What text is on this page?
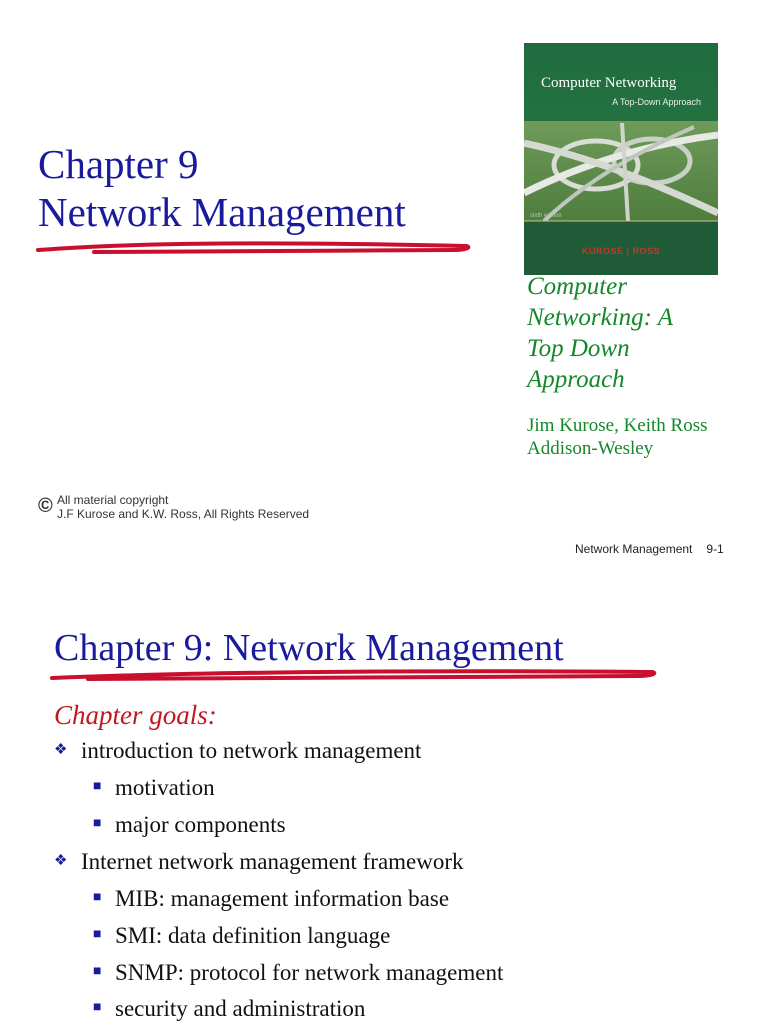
Chapter 9
Network Management
Computer Networking
A Top-Down Approach
sixth edition
KUROSE | ROSS
Computer
Networking: A
Top Down
Approach
Jim Kurose, Keith Ross
Addison-Wesley
© All material copyright
J.F Kurose and K.W. Ross, All Rights Reserved
Network Management 9-1
Chapter 9: Network Management
Chapter goals:
❖ introduction to network management
■ motivation
■ major components
❖ Internet network management framework
■ MIB: management information base
■ SMI: data definition language
■ SNMP: protocol for network management
■ security and administration
